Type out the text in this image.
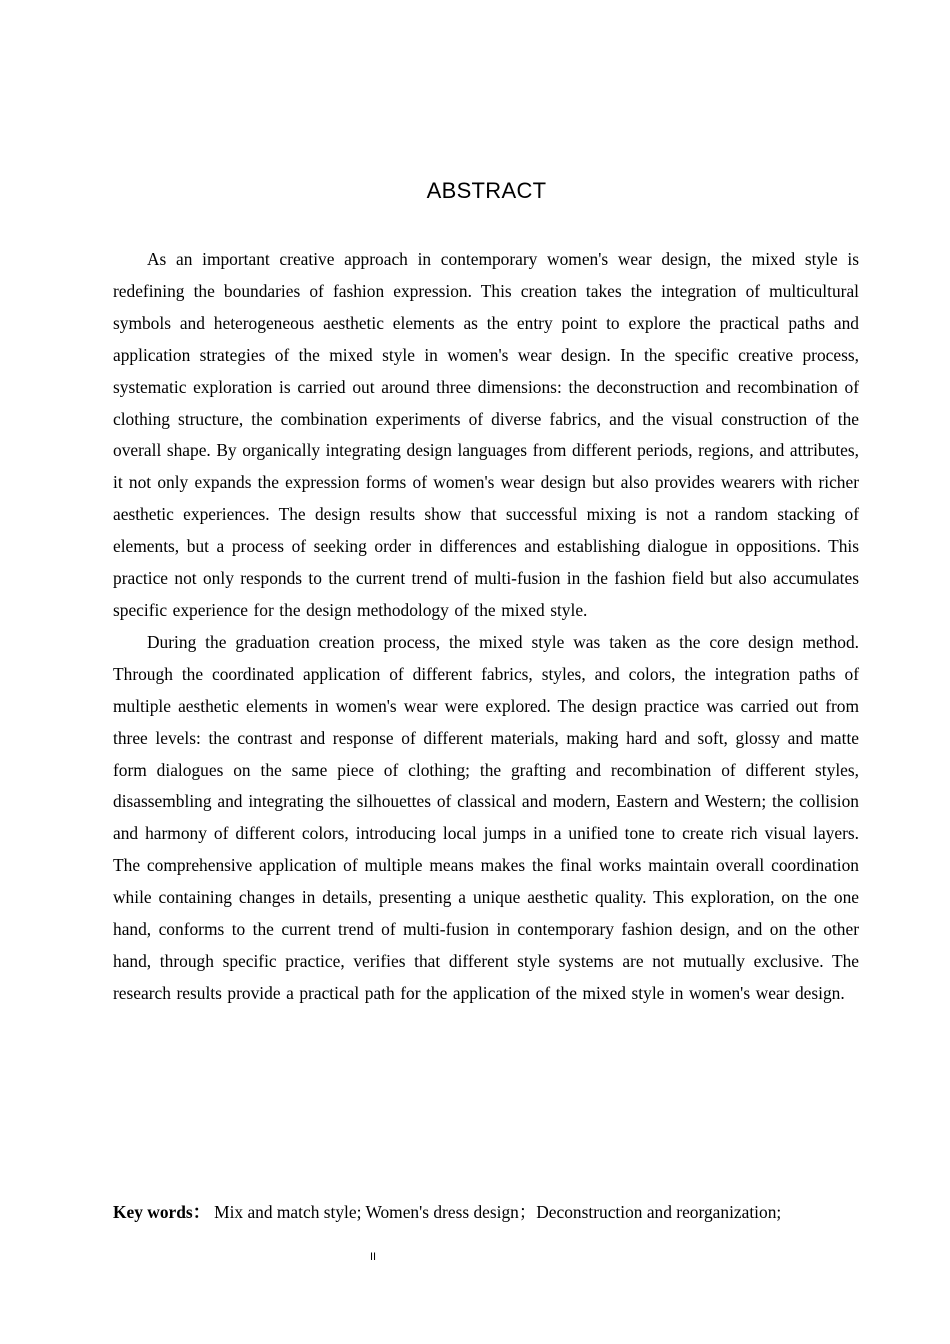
ABSTRACT

As an important creative approach in contemporary women's wear design, the mixed style is redefining the boundaries of fashion expression. This creation takes the integration of multicultural symbols and heterogeneous aesthetic elements as the entry point to explore the practical paths and application strategies of the mixed style in women's wear design. In the specific creative process, systematic exploration is carried out around three dimensions: the deconstruction and recombination of clothing structure, the combination experiments of diverse fabrics, and the visual construction of the overall shape. By organically integrating design languages from different periods, regions, and attributes, it not only expands the expression forms of women's wear design but also provides wearers with richer aesthetic experiences. The design results show that successful mixing is not a random stacking of elements, but a process of seeking order in differences and establishing dialogue in oppositions. This practice not only responds to the current trend of multi-fusion in the fashion field but also accumulates specific experience for the design methodology of the mixed style.

During the graduation creation process, the mixed style was taken as the core design method. Through the coordinated application of different fabrics, styles, and colors, the integration paths of multiple aesthetic elements in women's wear were explored. The design practice was carried out from three levels: the contrast and response of different materials, making hard and soft, glossy and matte form dialogues on the same piece of clothing; the grafting and recombination of different styles, disassembling and integrating the silhouettes of classical and modern, Eastern and Western; the collision and harmony of different colors, introducing local jumps in a unified tone to create rich visual layers. The comprehensive application of multiple means makes the final works maintain overall coordination while containing changes in details, presenting a unique aesthetic quality. This exploration, on the one hand, conforms to the current trend of multi-fusion in contemporary fashion design, and on the other hand, through specific practice, verifies that different style systems are not mutually exclusive. The research results provide a practical path for the application of the mixed style in women's wear design.

Key words： Mix and match style; Women's dress design；Deconstruction and reorganization;
II
